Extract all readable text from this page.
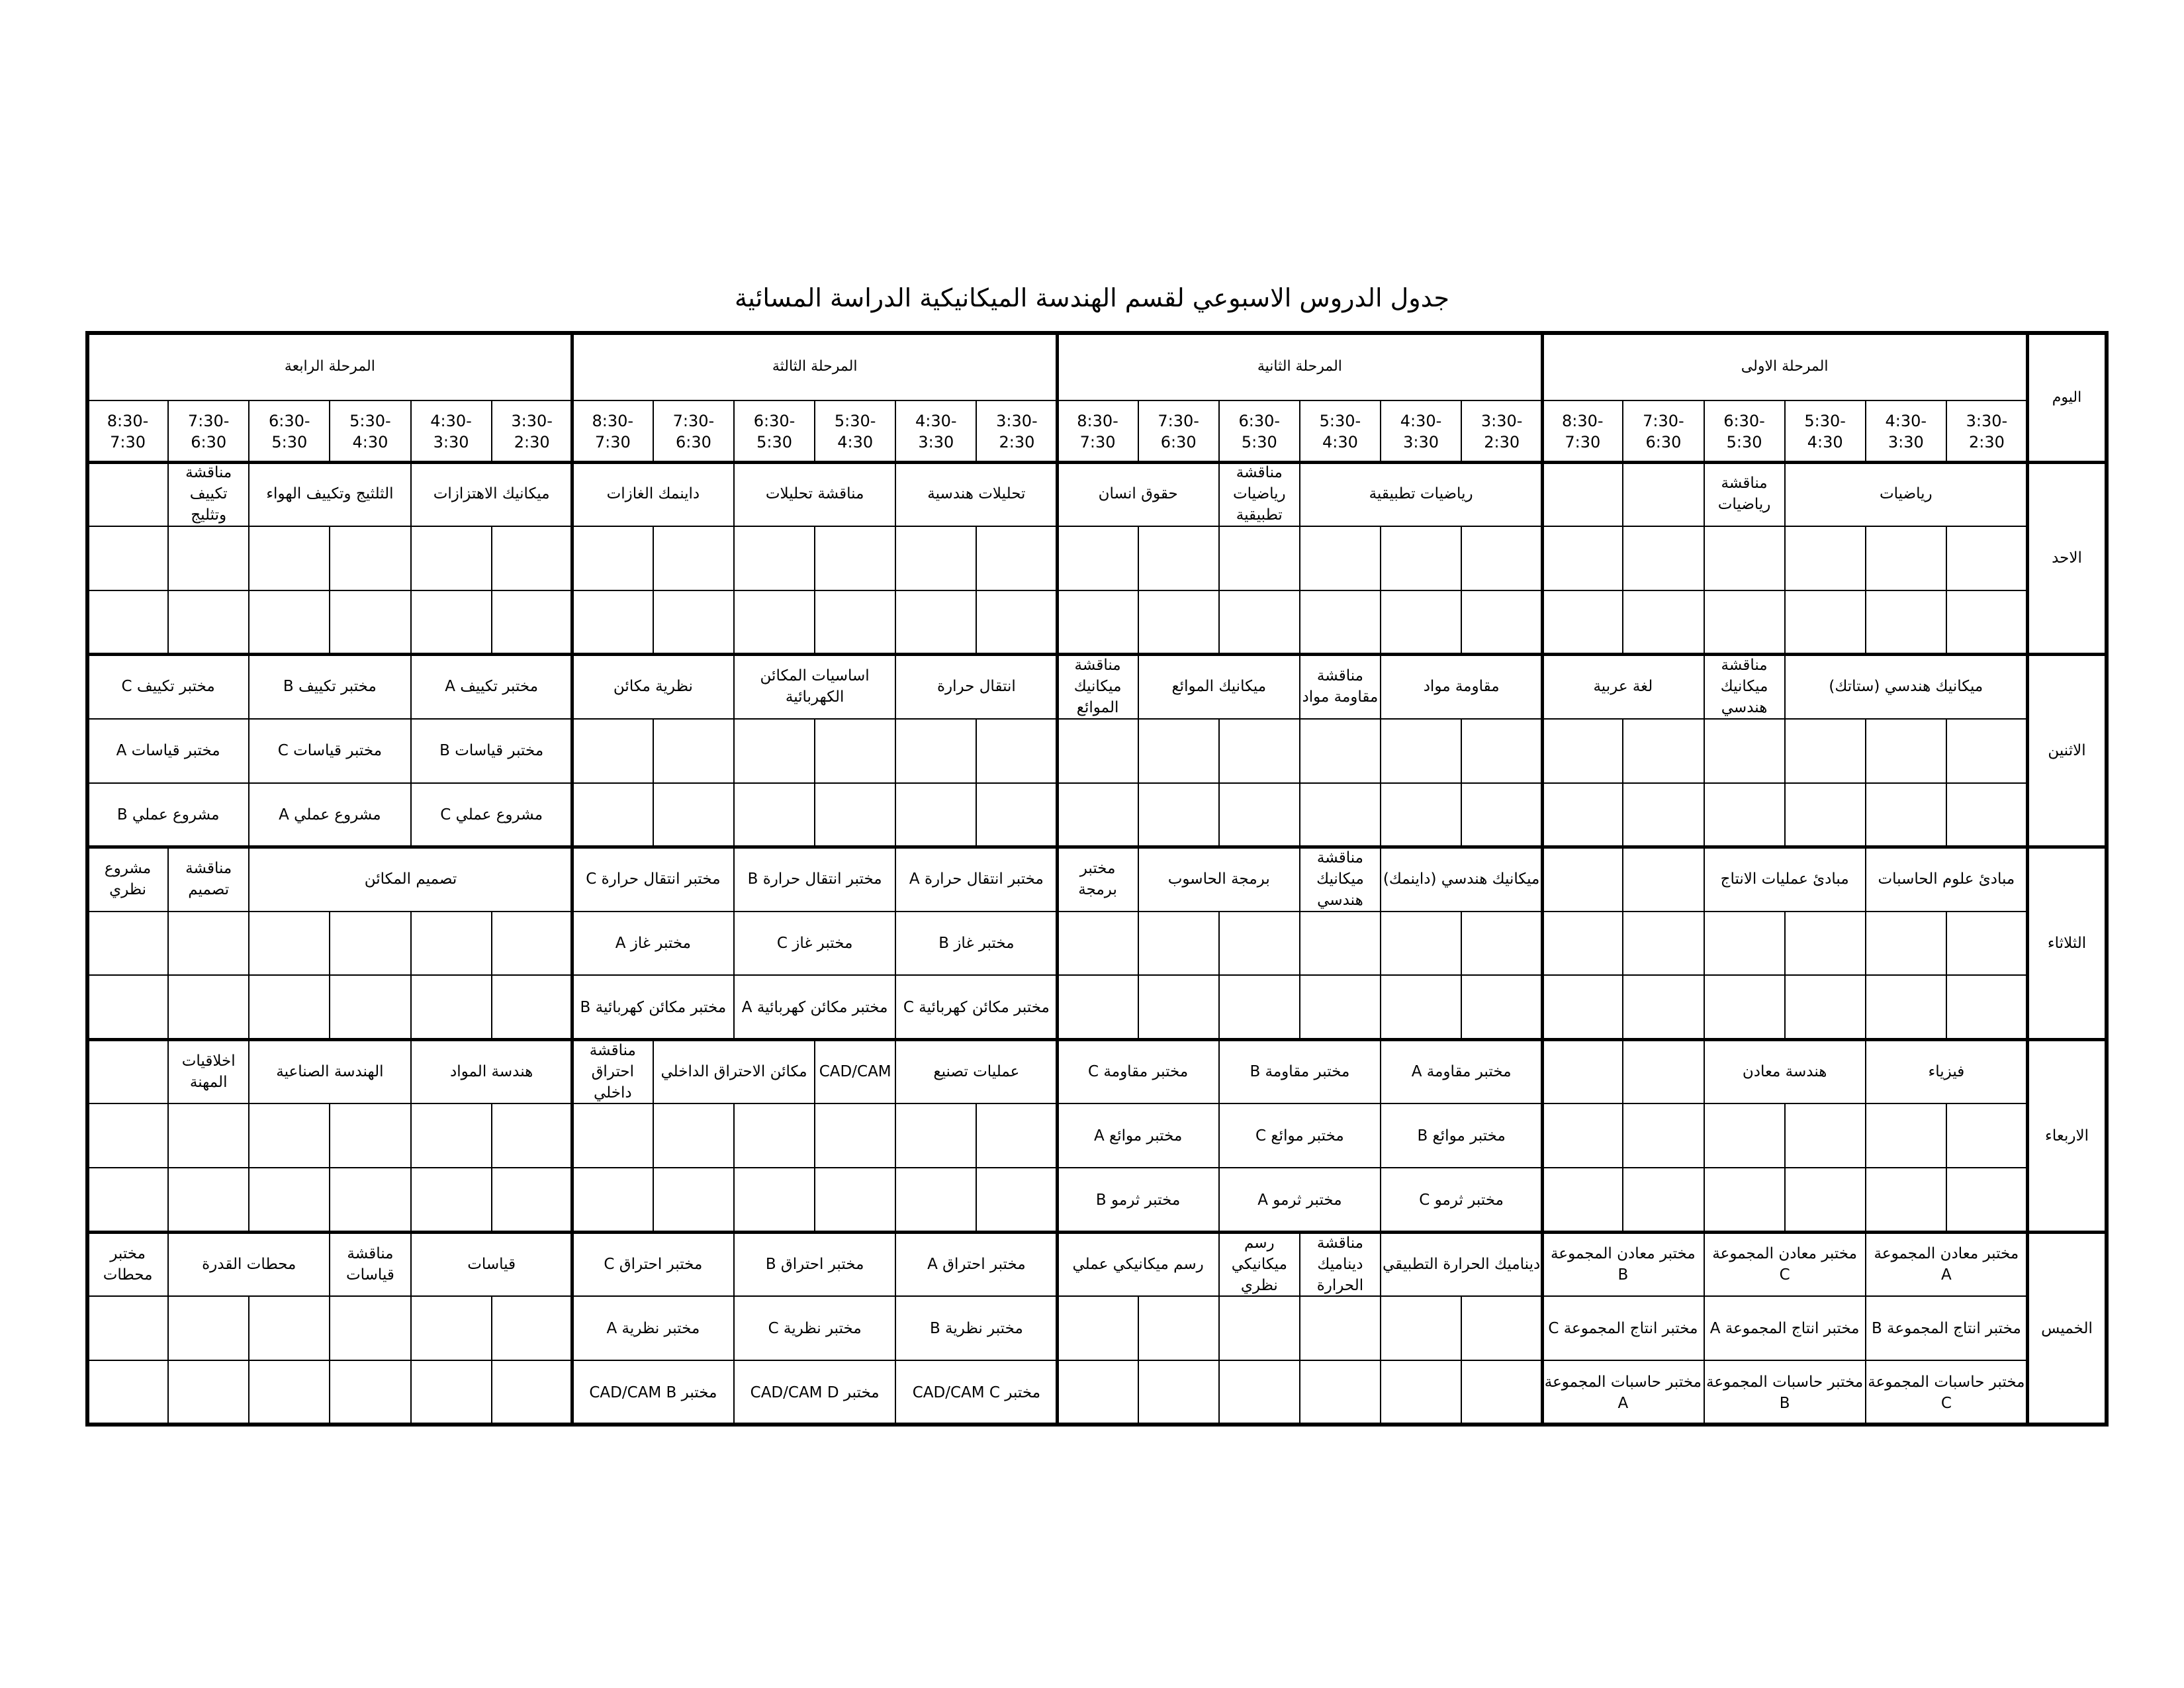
جدول الدروس الاسبوعي لقسم الهندسة الميكانيكية الدراسة المسائية
اليوم
المرحلة الاولى
المرحلة الثانية
المرحلة الثالثة
المرحلة الرابعة
3:30-2:30
4:30-3:30
5:30-4:30
6:30-5:30
7:30-6:30
8:30-7:30
3:30-2:30
4:30-3:30
5:30-4:30
6:30-5:30
7:30-6:30
8:30-7:30
3:30-2:30
4:30-3:30
5:30-4:30
6:30-5:30
7:30-6:30
8:30-7:30
3:30-2:30
4:30-3:30
5:30-4:30
6:30-5:30
7:30-6:30
8:30-7:30
الاحد
رياضيات
مناقشة رياضيات
رياضيات تطبيقية
مناقشة رياضيات تطبيقية
حقوق انسان
تحليلات هندسية
مناقشة تحليلات
داينمك الغازات
ميكانيك الاهتزازات
الثلثيج وتكييف الهواء
مناقشة تكييف وتثليج
الاثنين
ميكانيك هندسي (ستاتك)
مناقشة ميكانيك هندسي
لغة عربية
مقاومة مواد
مناقشة مقاومة مواد
ميكانيك الموائع
مناقشة ميكانيك الموائع
انتقال حرارة
اساسيات المكائن الكهربائية
نظرية مكائن
مختبر تكييف A
مختبر تكييف B
مختبر تكييف C
مختبر قياسات B
مختبر قياسات C
مختبر قياسات A
مشروع عملي C
مشروع عملي A
مشروع عملي B
الثلاثاء
مبادئ علوم الحاسبات
مبادئ عمليات الانتاج
ميكانيك هندسي (داينمك)
مناقشة ميكانيك هندسي
برمجة الحاسوب
مختبر برمجة
مختبر انتقال حرارة A
مختبر انتقال حرارة B
مختبر انتقال حرارة C
تصميم المكائن
مناقشة تصميم
مشروع نظري
مختبر غاز B
مختبر غاز C
مختبر غاز A
مختبر مكائن كهربائية C
مختبر مكائن كهربائية A
مختبر مكائن كهربائية B
الاربعاء
فيزياء
هندسة معادن
مختبر مقاومة A
مختبر مقاومة B
مختبر مقاومة C
عمليات تصنيع
CAD/CAM
مكائن الاحتراق الداخلي
مناقشة احتراق داخلي
هندسة المواد
الهندسة الصناعية
اخلاقيات المهنة
مختبر موائع B
مختبر موائع C
مختبر موائع A
مختبر ثرمو C
مختبر ثرمو A
مختبر ثرمو B
الخميس
مختبر معادن المجموعة A
مختبر معادن المجموعة C
مختبر معادن المجموعة B
ديناميك الحرارة التطبيقي
مناقشة ديناميك الحرارة
رسم ميكانيكي نظري
رسم ميكانيكي عملي
مختبر احتراق A
مختبر احتراق B
مختبر احتراق C
قياسات
مناقشة قياسات
محطات القدرة
مختبر محطات
مختبر انتاج المجموعة B
مختبر انتاج المجموعة A
مختبر انتاج المجموعة C
مختبر نظرية B
مختبر نظرية C
مختبر نظرية A
مختبر حاسبات المجموعة C
مختبر حاسبات المجموعة B
مختبر حاسبات المجموعة A
مختبر CAD/CAM C
مختبر CAD/CAM D
مختبر CAD/CAM B
